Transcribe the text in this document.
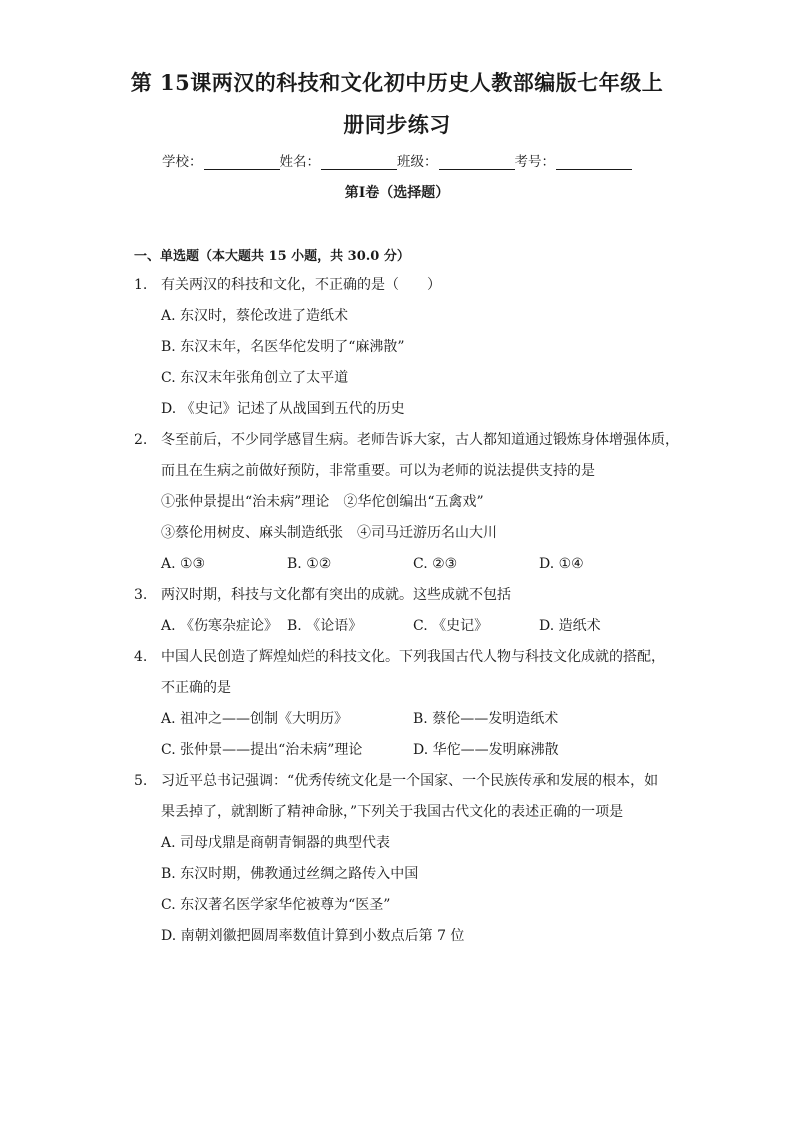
第 15课两汉的科技和文化初中历史人教部编版七年级上
册同步练习
学校：	姓名：	班级：	考号：
第Ⅰ卷（选择题）
一、单选题（本大题共 15 小题，共 30.0 分）
1. 有关两汉的科技和文化，不正确的是（　　）
A. 东汉时，蔡伦改进了造纸术
B. 东汉末年，名医华佗发明了“麻沸散”
C. 东汉末年张角创立了太平道
D. 《史记》记述了从战国到五代的历史
2. 冬至前后，不少同学感冒生病。老师告诉大家，古人都知道通过锻炼身体增强体质，
而且在生病之前做好预防，非常重要。可以为老师的说法提供支持的是
①张仲景提出“治未病”理论　②华佗创编出“五禽戏”
③蔡伦用树皮、麻头制造纸张　④司马迁游历名山大川
A. ①③	B. ①②	C. ②③	D. ①④
3. 两汉时期，科技与文化都有突出的成就。这些成就不包括
A. 《伤寒杂症论》 B. 《论语》	C. 《史记》	D. 造纸术
4. 中国人民创造了辉煌灿烂的科技文化。下列我国古代人物与科技文化成就的搭配，
不正确的是
A. 祖冲之——创制《大明历》	B. 蔡伦——发明造纸术
C. 张仲景——提出“治未病”理论	D. 华佗——发明麻沸散
5. 习近平总书记强调：“优秀传统文化是一个国家、一个民族传承和发展的根本，如
果丢掉了，就割断了精神命脉，”下列关于我国古代文化的表述正确的一项是
A. 司母戊鼎是商朝青铜器的典型代表
B. 东汉时期，佛教通过丝绸之路传入中国
C. 东汉著名医学家华佗被尊为“医圣”
D. 南朝刘徽把圆周率数值计算到小数点后第 7 位
